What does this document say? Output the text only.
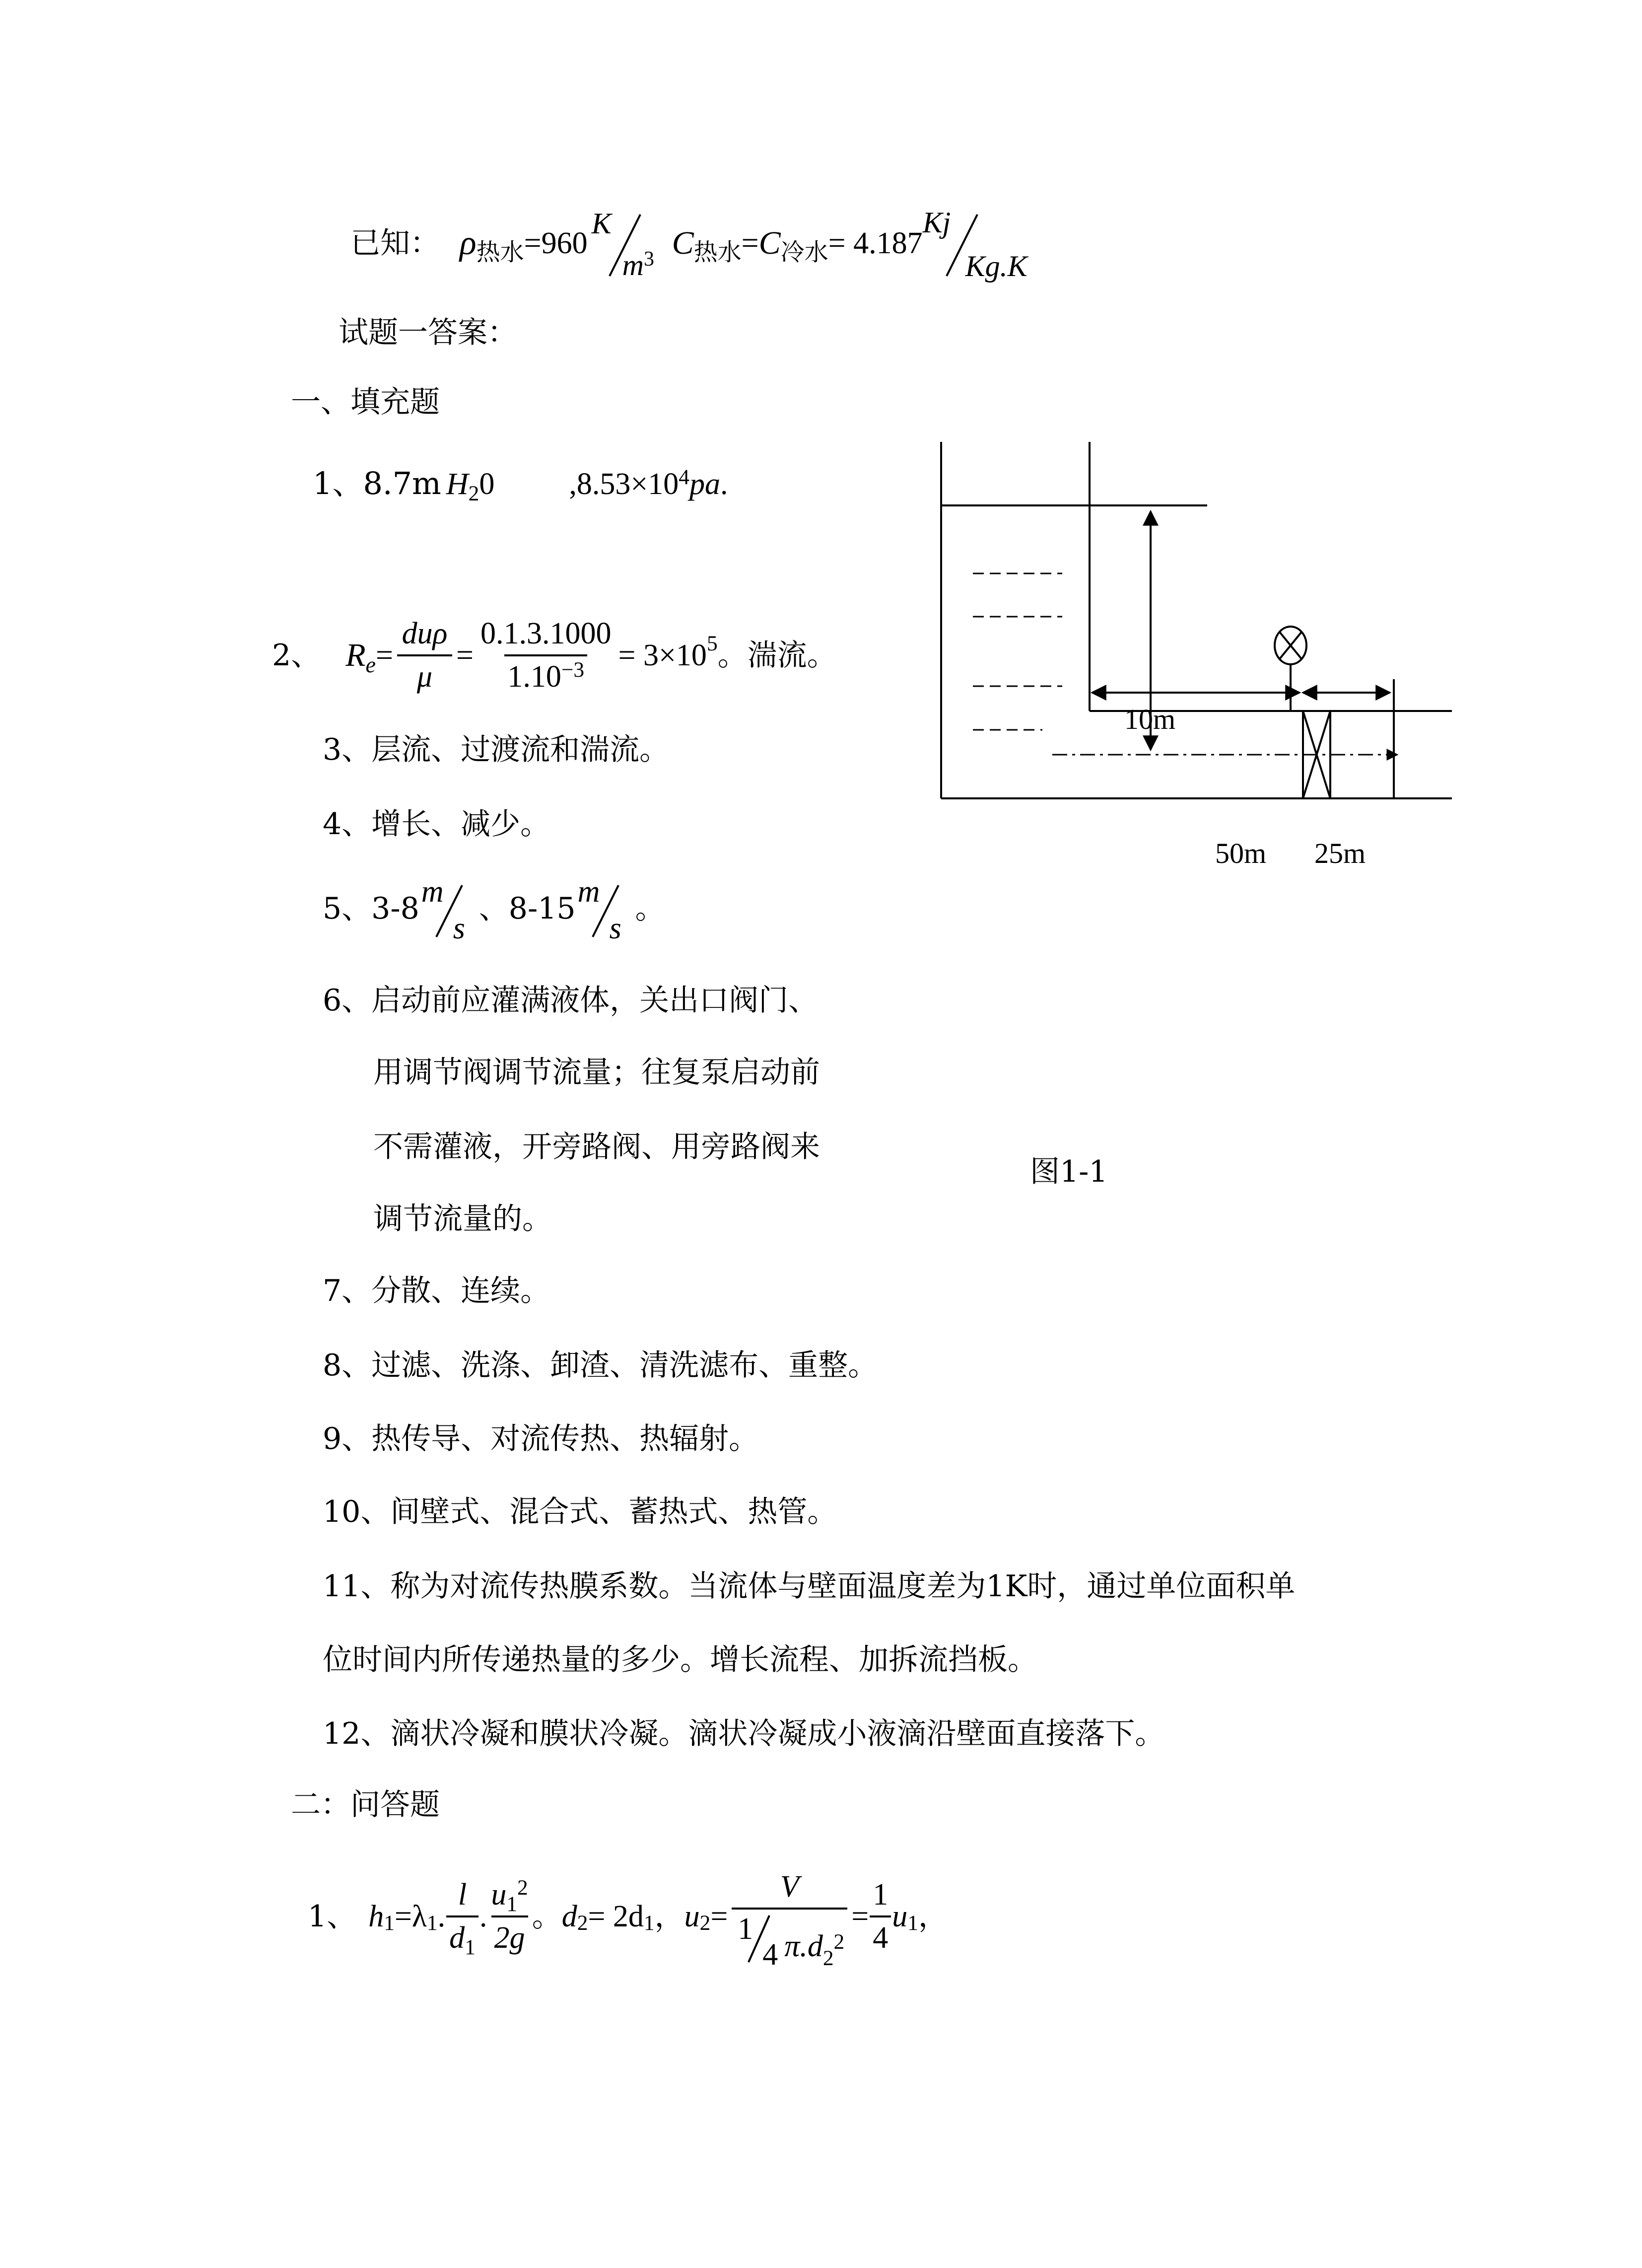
已知： ρ 热水 =960
K
$m^3$ C 热水 = C 冷水 = 4.187
Kj
Kg.K
试题一答案：
一、填充题
1、8.7m H 2 0 ,8.53×10 4 pa .
2、 R $e = \frac{\text{duρ}}{\mu} = \frac{0.1.3.1000}{1.10^{-3}} = 3\times 10$ 5 。湍流。
3、层流、过渡流和湍流。
4、增长、减少。
5、3-8 m
s
、8-15 m
s
。
6、启动前应灌满液体，关出口阀门、
用调节阀调节流量；往复泵启动前
不需灌液，开旁路阀、用旁路阀来
调节流量的。
7、分散、连续。
8、过滤、洗涤、卸渣、清洗滤布、重整。
9、热传导、对流传热、热辐射。
10、间壁式、混合式、蓄热式、热管。
11、称为对流传热膜系数。当流体与壁面温度差为1K时，通过单位面积单
位时间内所传递热量的多少。增长流程、加拆流挡板。
12、滴状冷凝和膜状冷凝。滴状冷凝成小液滴沿壁面直接落下。
二：问答题
1、 h 1 =λ 1 . $\frac{l}{d_1}$ . $\frac{u_1^2}{2g}$ 。 d 2 = 2d 1 ， u 2 = V
1
4 π.d 2
$2 = \frac{1}{4}$ u 1 ，
10m
50m 25m
图1-1
